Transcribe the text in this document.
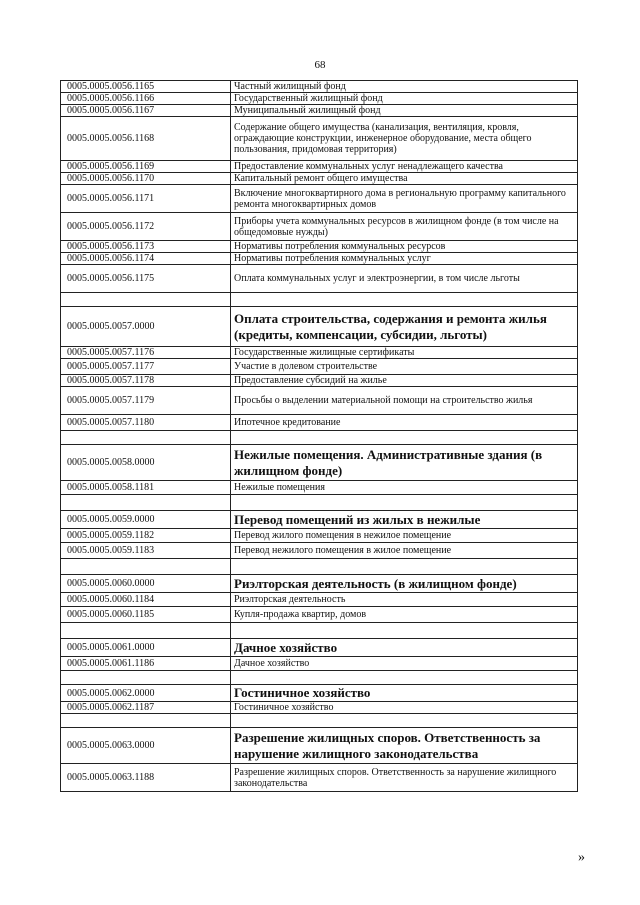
68
0005.0005.0056.1165	Частный жилищный фонд
0005.0005.0056.1166	Государственный жилищный фонд
0005.0005.0056.1167	Муниципальный жилищный фонд
0005.0005.0056.1168	Содержание общего имущества (канализация, вентиляция, кровля, ограждающие конструкции, инженерное оборудование, места общего пользования, придомовая территория)
0005.0005.0056.1169	Предоставление коммунальных услуг ненадлежащего качества
0005.0005.0056.1170	Капитальный ремонт общего имущества
0005.0005.0056.1171	Включение многоквартирного дома в региональную программу капитального ремонта многоквартирных домов
0005.0005.0056.1172	Приборы учета коммунальных ресурсов в жилищном фонде (в том числе на общедомовые нужды)
0005.0005.0056.1173	Нормативы потребления коммунальных ресурсов
0005.0005.0056.1174	Нормативы потребления коммунальных услуг
0005.0005.0056.1175	Оплата коммунальных услуг и электроэнергии, в том числе льготы

0005.0005.0057.0000	Оплата строительства, содержания и ремонта жилья (кредиты, компенсации, субсидии, льготы)
0005.0005.0057.1176	Государственные жилищные сертификаты
0005.0005.0057.1177	Участие в долевом строительстве
0005.0005.0057.1178	Предоставление субсидий на жилье
0005.0005.0057.1179	Просьбы о выделении материальной помощи на строительство жилья
0005.0005.0057.1180	Ипотечное кредитование

0005.0005.0058.0000	Нежилые помещения. Административные здания (в жилищном фонде)
0005.0005.0058.1181	Нежилые помещения

0005.0005.0059.0000	Перевод помещений из жилых в нежилые
0005.0005.0059.1182	Перевод жилого помещения в нежилое помещение
0005.0005.0059.1183	Перевод нежилого помещения в жилое помещение

0005.0005.0060.0000	Риэлторская деятельность (в жилищном фонде)
0005.0005.0060.1184	Риэлторская деятельность
0005.0005.0060.1185	Купля-продажа квартир, домов

0005.0005.0061.0000	Дачное хозяйство
0005.0005.0061.1186	Дачное хозяйство

0005.0005.0062.0000	Гостиничное хозяйство
0005.0005.0062.1187	Гостиничное хозяйство

0005.0005.0063.0000	Разрешение жилищных споров. Ответственность за нарушение жилищного законодательства
0005.0005.0063.1188	Разрешение жилищных споров. Ответственность за нарушение жилищного законодательства
»
